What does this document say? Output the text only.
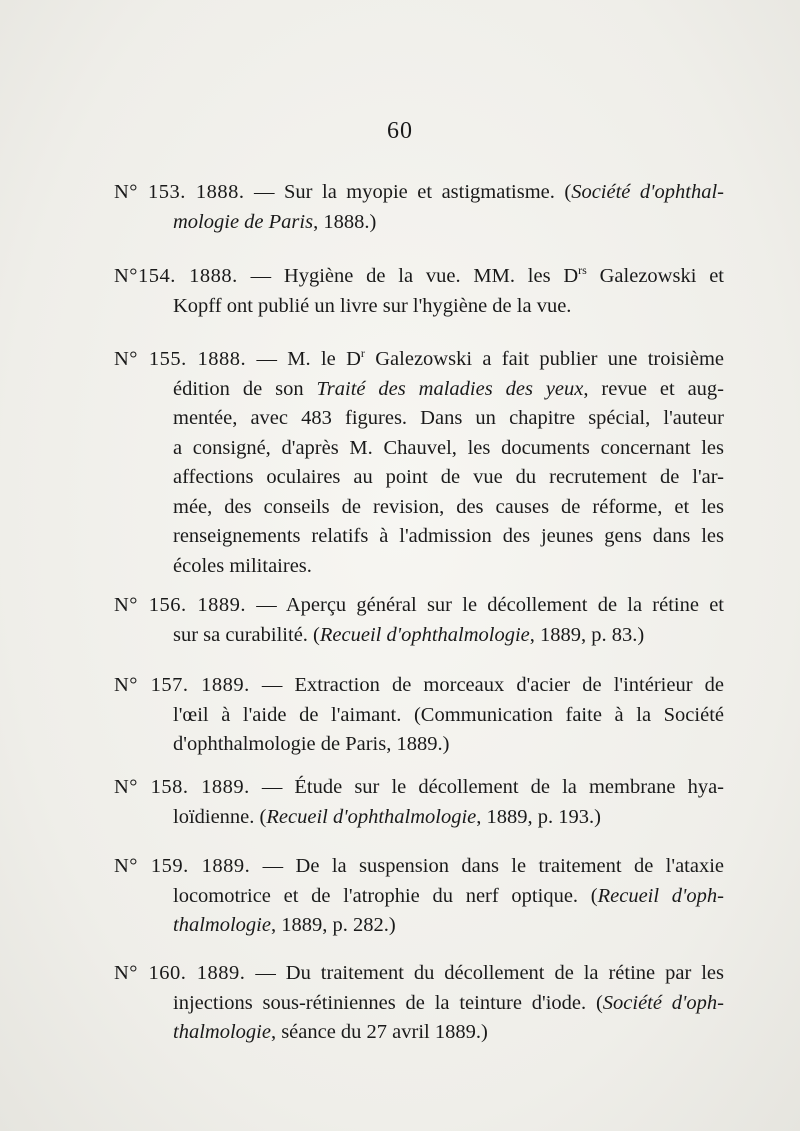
60
N° 153. 1888. — Sur la myopie et astigmatisme. (Société d'ophthal-
mologie de Paris, 1888.)
N°154. 1888. — Hygiène de la vue. MM. les $D^{rs}$ Galezowski et
Kopff ont publié un livre sur l'hygiène de la vue.
N° 155. 1888. — M. le $D^r$ Galezowski a fait publier une troisième
édition de son Traité des maladies des yeux, revue et aug-
mentée, avec 483 figures. Dans un chapitre spécial, l'auteur
a consigné, d'après M. Chauvel, les documents concernant les
affections oculaires au point de vue du recrutement de l'ar-
mée, des conseils de revision, des causes de réforme, et les
renseignements relatifs à l'admission des jeunes gens dans les
écoles militaires.
N° 156. 1889. — Aperçu général sur le décollement de la rétine et
sur sa curabilité. (Recueil d'ophthalmologie, 1889, p. 83.)
N° 157. 1889. — Extraction de morceaux d'acier de l'intérieur de
l'œil à l'aide de l'aimant. (Communication faite à la Société
d'ophthalmologie de Paris, 1889.)
N° 158. 1889. — Étude sur le décollement de la membrane hya-
loïdienne. (Recueil d'ophthalmologie, 1889, p. 193.)
N° 159. 1889. — De la suspension dans le traitement de l'ataxie
locomotrice et de l'atrophie du nerf optique. (Recueil d'oph-
thalmologie, 1889, p. 282.)
N° 160. 1889. — Du traitement du décollement de la rétine par les
injections sous-rétiniennes de la teinture d'iode. (Société d'oph-
thalmologie, séance du 27 avril 1889.)
